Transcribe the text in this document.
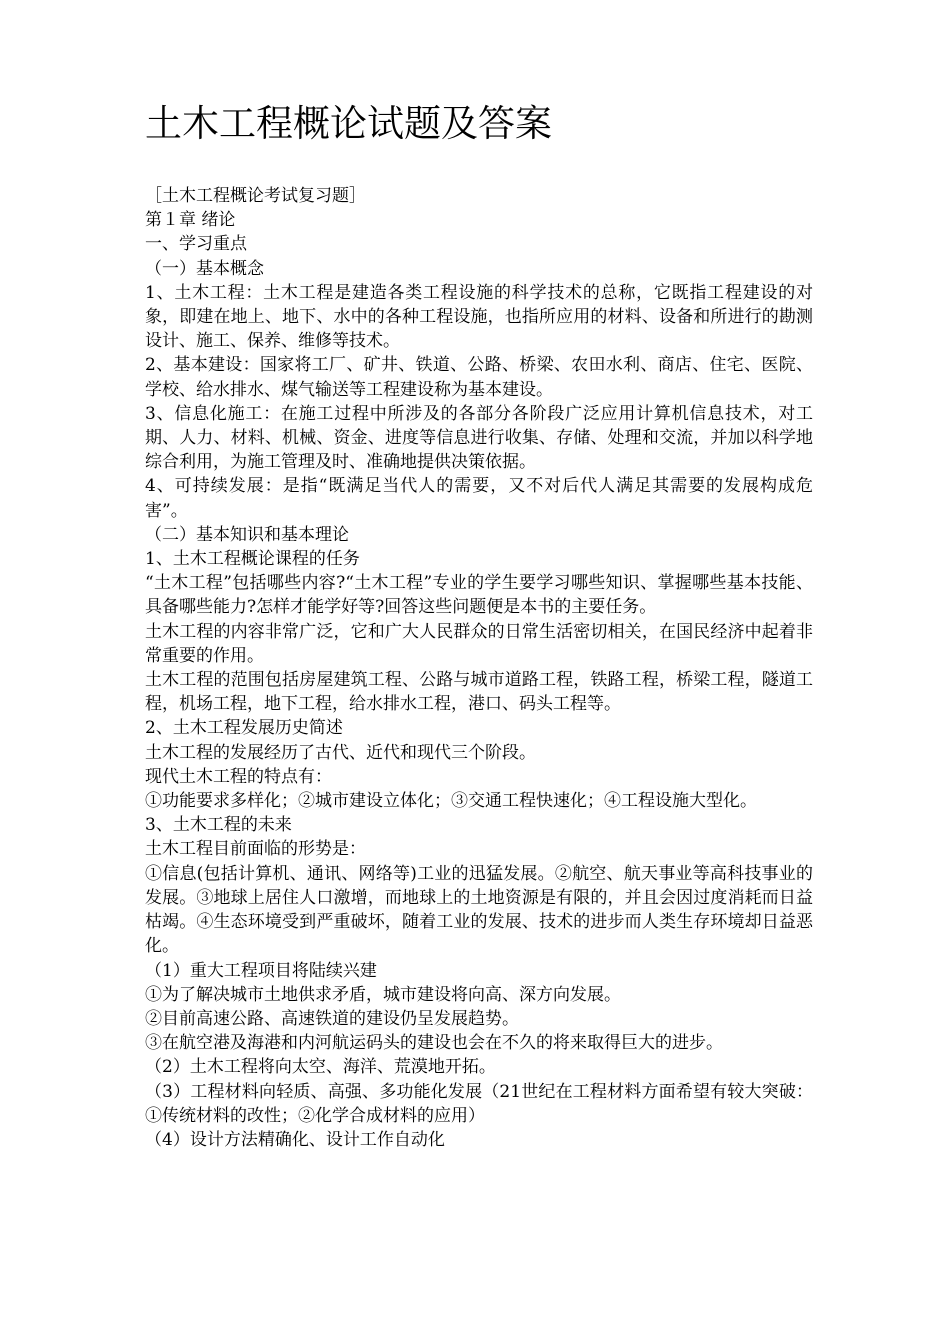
土木工程概论试题及答案

［土木工程概论考试复习题］

第１章 绪论

一、学习重点

（一）基本概念

1、土木工程：土木工程是建造各类工程设施的科学技术的总称，它既指工程建设的对象，即建在地上、地下、水中的各种工程设施，也指所应用的材料、设备和所进行的勘测设计、施工、保养、维修等技术。

2、基本建设：国家将工厂、矿井、铁道、公路、桥梁、农田水利、商店、住宅、医院、学校、给水排水、煤气输送等工程建设称为基本建设。

3、信息化施工：在施工过程中所涉及的各部分各阶段广泛应用计算机信息技术，对工期、人力、材料、机械、资金、进度等信息进行收集、存储、处理和交流，并加以科学地综合利用，为施工管理及时、准确地提供决策依据。

4、可持续发展：是指“既满足当代人的需要，又不对后代人满足其需要的发展构成危害”。

（二）基本知识和基本理论

1、土木工程概论课程的任务

“土木工程”包括哪些内容?“土木工程”专业的学生要学习哪些知识、掌握哪些基本技能、具备哪些能力?怎样才能学好等?回答这些问题便是本书的主要任务。

土木工程的内容非常广泛，它和广大人民群众的日常生活密切相关，在国民经济中起着非常重要的作用。

土木工程的范围包括房屋建筑工程、公路与城市道路工程，铁路工程，桥梁工程，隧道工程，机场工程，地下工程，给水排水工程，港口、码头工程等。

2、土木工程发展历史简述

土木工程的发展经历了古代、近代和现代三个阶段。

现代土木工程的特点有：

①功能要求多样化；②城市建设立体化；③交通工程快速化；④工程设施大型化。

3、土木工程的未来

土木工程目前面临的形势是：

①信息(包括计算机、通讯、网络等)工业的迅猛发展。②航空、航天事业等高科技事业的发展。③地球上居住人口激增，而地球上的土地资源是有限的，并且会因过度消耗而日益枯竭。④生态环境受到严重破坏，随着工业的发展、技术的进步而人类生存环境却日益恶化。

（1）重大工程项目将陆续兴建

①为了解决城市土地供求矛盾，城市建设将向高、深方向发展。

②目前高速公路、高速铁道的建设仍呈发展趋势。

③在航空港及海港和内河航运码头的建设也会在不久的将来取得巨大的进步。

（2）土木工程将向太空、海洋、荒漠地开拓。

（3）工程材料向轻质、高强、多功能化发展（21世纪在工程材料方面希望有较大突破：①传统材料的改性；②化学合成材料的应用）

（4）设计方法精确化、设计工作自动化
